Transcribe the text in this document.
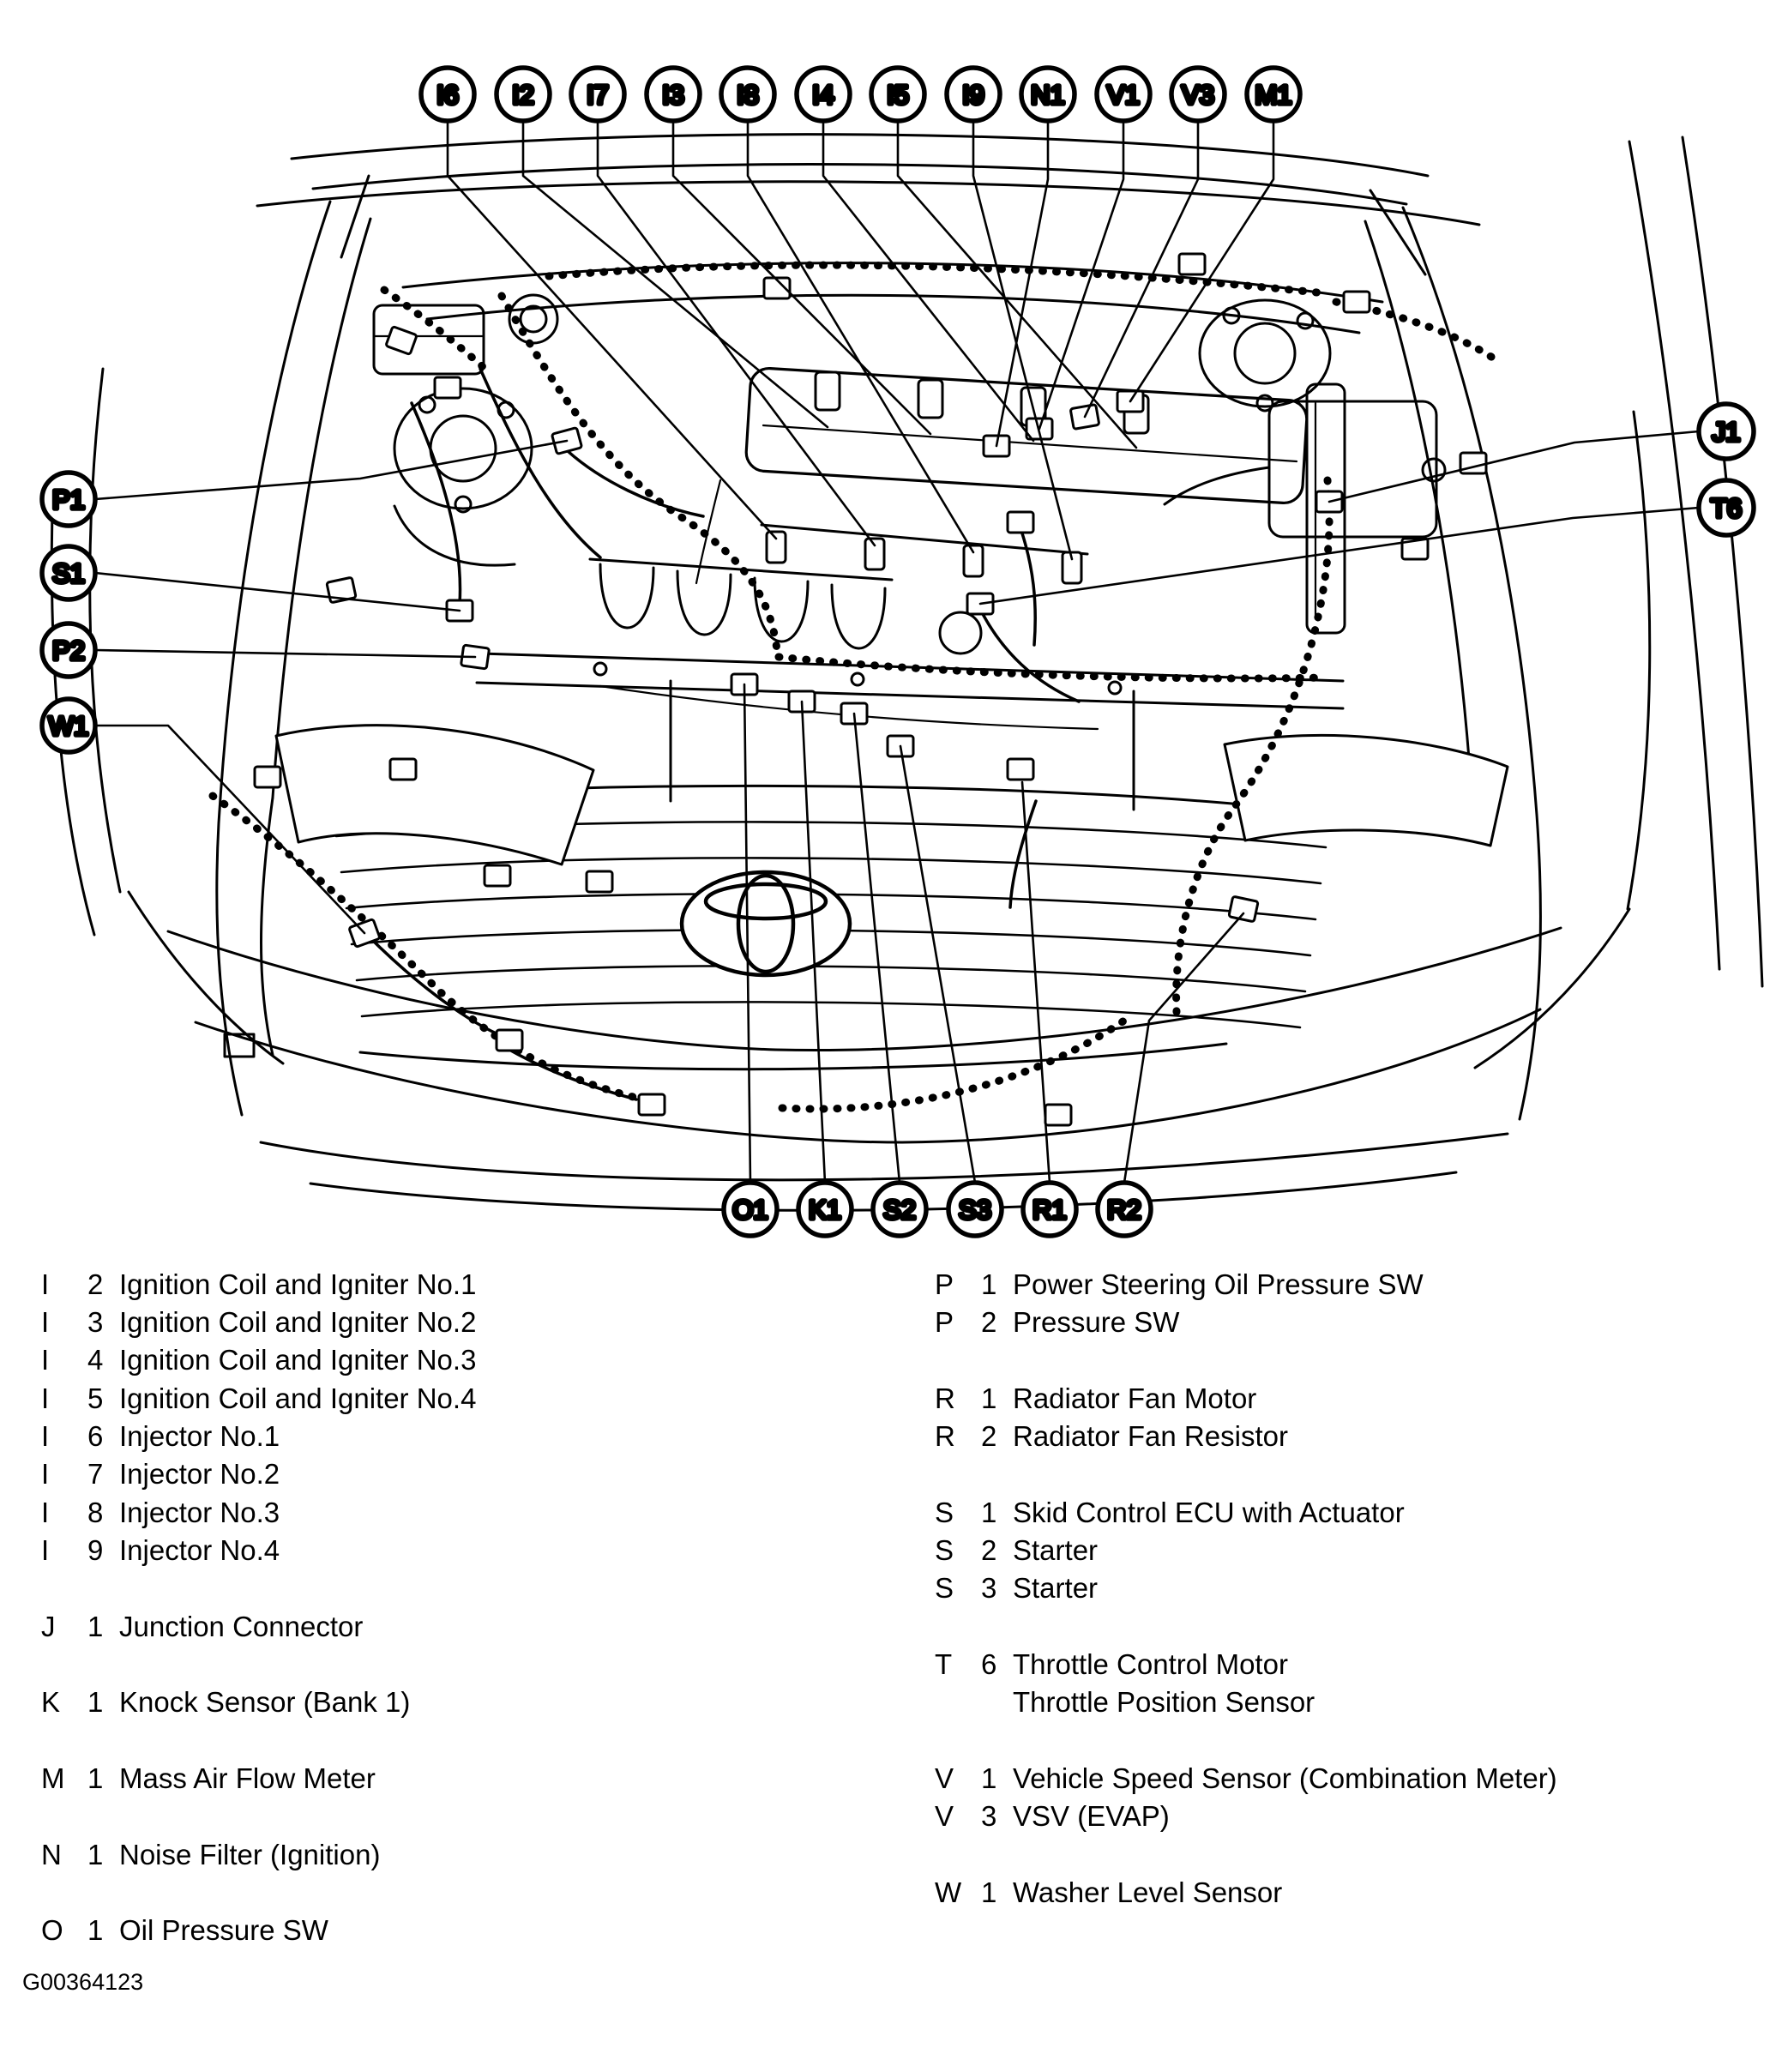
I6 I2 I7 I3 I8 I4 I5 I9 N1 V1 V3 M1
P1
S1
P2
W1
J1
T6
O1 K1 S2 S3 R1 R2
I 2 Ignition Coil and Igniter No.1
I 3 Ignition Coil and Igniter No.2
I 4 Ignition Coil and Igniter No.3
I 5 Ignition Coil and Igniter No.4
I 6 Injector No.1
I 7 Injector No.2
I 8 Injector No.3
I 9 Injector No.4
J 1 Junction Connector
K 1 Knock Sensor (Bank 1)
M 1 Mass Air Flow Meter
N 1 Noise Filter (Ignition)
O 1 Oil Pressure SW
P 1 Power Steering Oil Pressure SW
P 2 Pressure SW
R 1 Radiator Fan Motor
R 2 Radiator Fan Resistor
S 1 Skid Control ECU with Actuator
S 2 Starter
S 3 Starter
T 6 Throttle Control Motor
Throttle Position Sensor
V 1 Vehicle Speed Sensor (Combination Meter)
V 3 VSV (EVAP)
W 1 Washer Level Sensor
G00364123
